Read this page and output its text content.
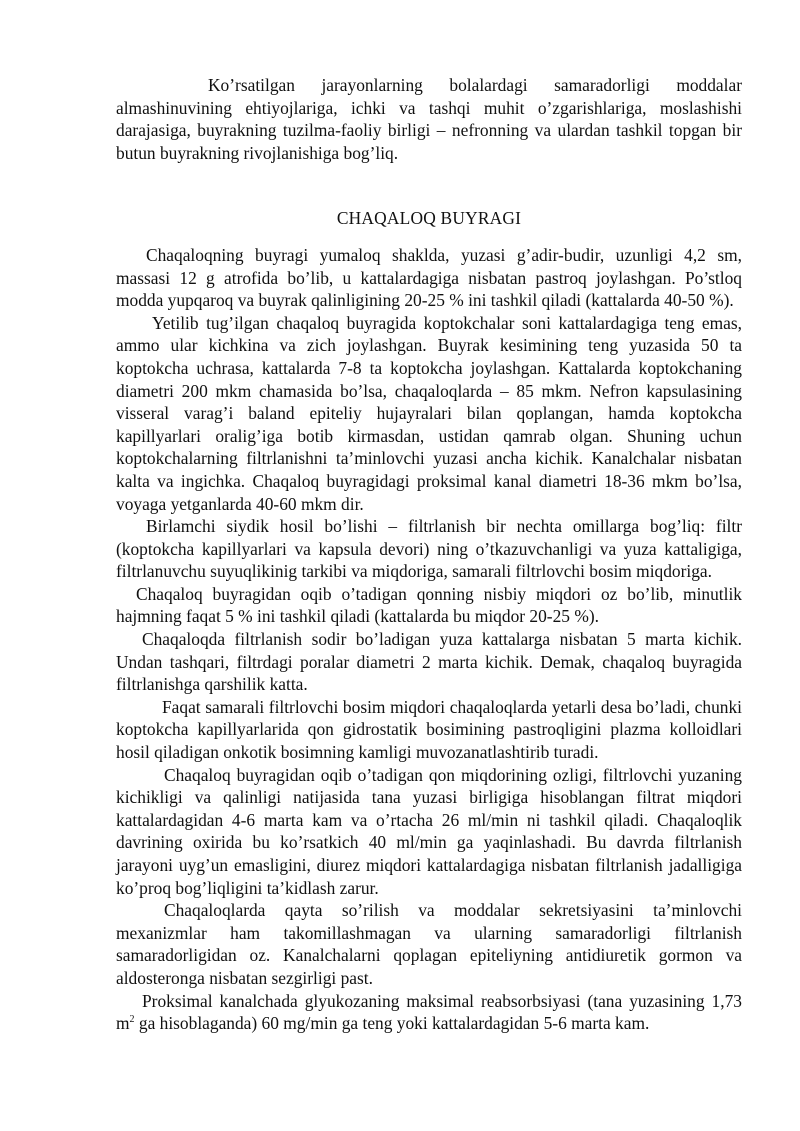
Ko’rsatilgan jarayonlarning bolalardagi samaradorligi moddalar almashinuvining ehtiyojlariga, ichki va tashqi muhit o’zgarishlariga, moslashishi darajasiga, buyrakning tuzilma-faoliy birligi – nefronning va ulardan tashkil topgan bir butun buyrakning rivojlanishiga bog’liq.

CHAQALOQ BUYRAGI

Chaqaloqning buyragi yumaloq shaklda, yuzasi g’adir-budir, uzunligi 4,2 sm, massasi 12 g atrofida bo’lib, u kattalardagiga nisbatan pastroq joylashgan. Po’stloq modda yupqaroq va buyrak qalinligining 20-25 % ini tashkil qiladi (kattalarda 40-50 %).

Yetilib tug’ilgan chaqaloq buyragida koptokchalar soni kattalardagiga teng emas, ammo ular kichkina va zich joylashgan. Buyrak kesimining teng yuzasida 50 ta koptokcha uchrasa, kattalarda 7-8 ta koptokcha joylashgan. Kattalarda koptokchaning diametri 200 mkm chamasida bo’lsa, chaqaloqlarda – 85 mkm. Nefron kapsulasining visseral varag’i baland epiteliy hujayralari bilan qoplangan, hamda koptokcha kapillyarlari oralig’iga botib kirmasdan, ustidan qamrab olgan. Shuning uchun koptokchalarning filtrlanishni ta’minlovchi yuzasi ancha kichik. Kanalchalar nisbatan kalta va ingichka. Chaqaloq buyragidagi proksimal kanal diametri 18-36 mkm bo’lsa, voyaga yetganlarda 40-60 mkm dir.

Birlamchi siydik hosil bo’lishi – filtrlanish bir nechta omillarga bog’liq: filtr (koptokcha kapillyarlari va kapsula devori) ning o’tkazuvchanligi va yuza kattaligiga, filtrlanuvchu suyuqlikinig tarkibi va miqdoriga, samarali filtrlovchi bosim miqdoriga.

Chaqaloq buyragidan oqib o’tadigan qonning nisbiy miqdori oz bo’lib, minutlik hajmning faqat 5 % ini tashkil qiladi (kattalarda bu miqdor 20-25 %).

Chaqaloqda filtrlanish sodir bo’ladigan yuza kattalarga nisbatan 5 marta kichik. Undan tashqari, filtrdagi poralar diametri 2 marta kichik. Demak, chaqaloq buyragida filtrlanishga qarshilik katta.

Faqat samarali filtrlovchi bosim miqdori chaqaloqlarda yetarli desa bo’ladi, chunki koptokcha kapillyarlarida qon gidrostatik bosimining pastroqligini plazma kolloidlari hosil qiladigan onkotik bosimning kamligi muvozanatlashtirib turadi.

Chaqaloq buyragidan oqib o’tadigan qon miqdorining ozligi, filtrlovchi yuzaning kichikligi va qalinligi natijasida tana yuzasi birligiga hisoblangan filtrat miqdori kattalardagidan 4-6 marta kam va o’rtacha 26 ml/min ni tashkil qiladi. Chaqaloqlik davrining oxirida bu ko’rsatkich 40 ml/min ga yaqinlashadi. Bu davrda filtrlanish jarayoni uyg’un emasligini, diurez miqdori kattalardagiga nisbatan filtrlanish jadalligiga ko’proq bog’liqligini ta’kidlash zarur.

Chaqaloqlarda qayta so’rilish va moddalar sekretsiyasini ta’minlovchi mexanizmlar ham takomillashmagan va ularning samaradorligi filtrlanish samaradorligidan oz. Kanalchalarni qoplagan epiteliyning antidiuretik gormon va aldosteronga nisbatan sezgirligi past.

Proksimal kanalchada glyukozaning maksimal reabsorbsiyasi (tana yuzasining 1,73 $m^2$ ga hisoblaganda) 60 mg/min ga teng yoki kattalardagidan 5-6 marta kam.
